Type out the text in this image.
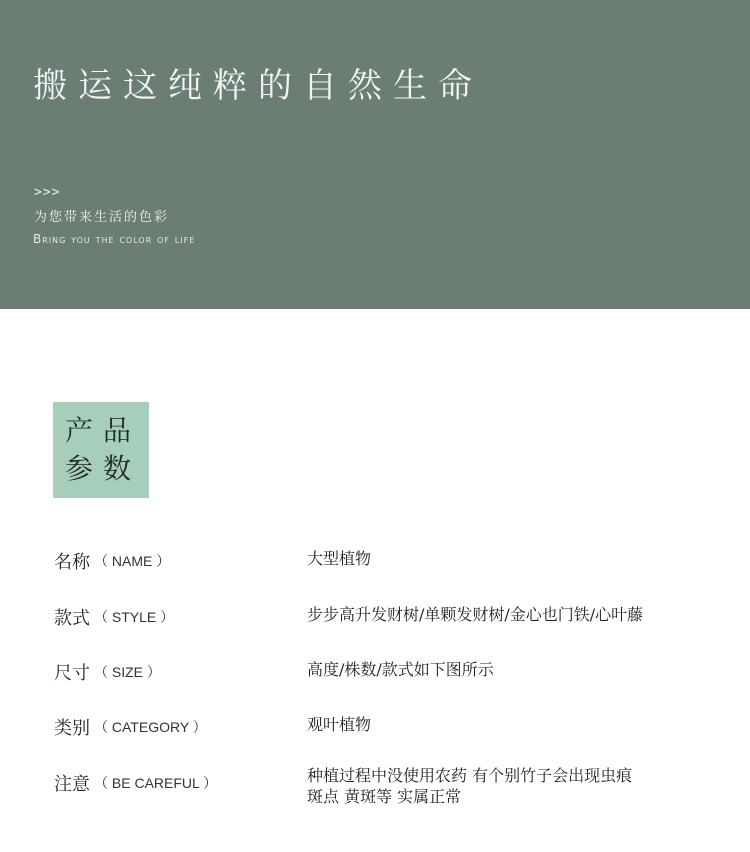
搬运这纯粹的自然生命
>>>
为您带来生活的色彩
Bring you the color of life
产品
参数
名称 （ NAME ）	大型植物
款式 （ STYLE ）	步步高升发财树/单颗发财树/金心也门铁/心叶藤
尺寸 （ SIZE ）	高度/株数/款式如下图所示
类别 （ CATEGORY ）	观叶植物
注意 （ BE CAREFUL ）	种植过程中没使用农药 有个别竹子会出现虫痕
斑点 黄斑等 实属正常
